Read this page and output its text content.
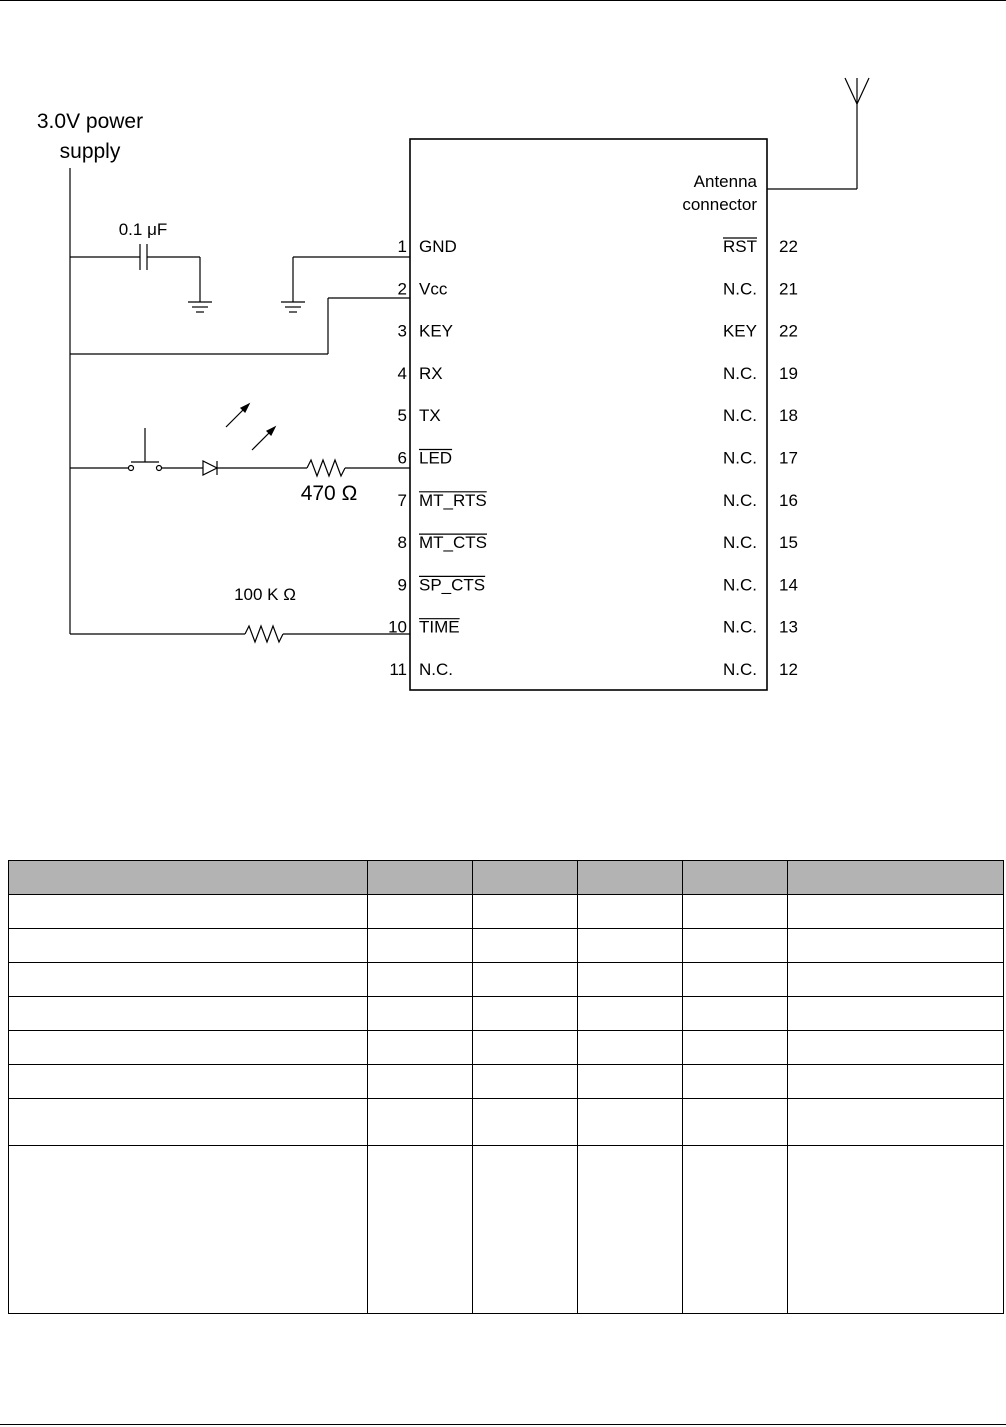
3.0V power
supply
0.1 μF
470 Ω
100 K Ω
Antenna
connector
1 GND
2 Vcc
3 KEY
4 RX
5 TX
6 LED
7 MT_RTS
8 MT_CTS
9 SP_CTS
10 TIME
11 N.C.
RST 22
N.C. 21
KEY 22
N.C. 19
N.C. 18
N.C. 17
N.C. 16
N.C. 15
N.C. 14
N.C. 13
N.C. 12
